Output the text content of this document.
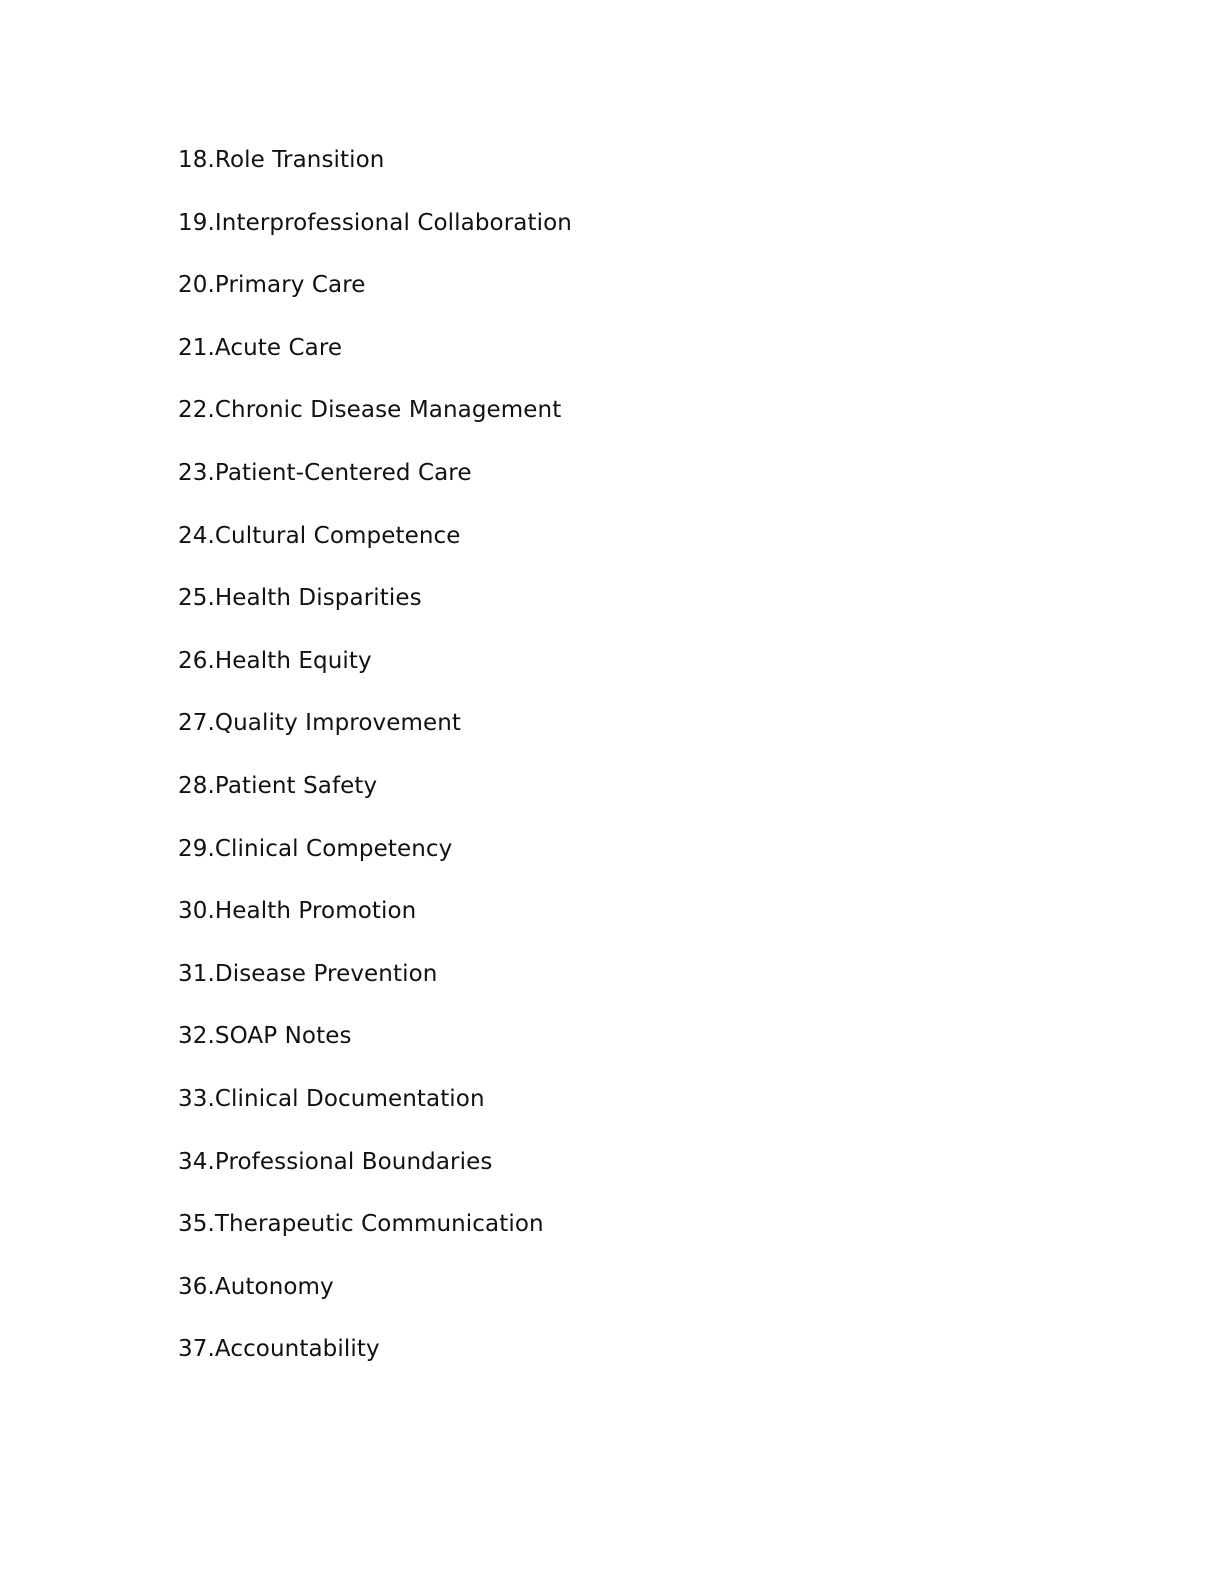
18.Role Transition
19.Interprofessional Collaboration
20.Primary Care
21.Acute Care
22.Chronic Disease Management
23.Patient-Centered Care
24.Cultural Competence
25.Health Disparities
26.Health Equity
27.Quality Improvement
28.Patient Safety
29.Clinical Competency
30.Health Promotion
31.Disease Prevention
32.SOAP Notes
33.Clinical Documentation
34.Professional Boundaries
35.Therapeutic Communication
36.Autonomy
37.Accountability
